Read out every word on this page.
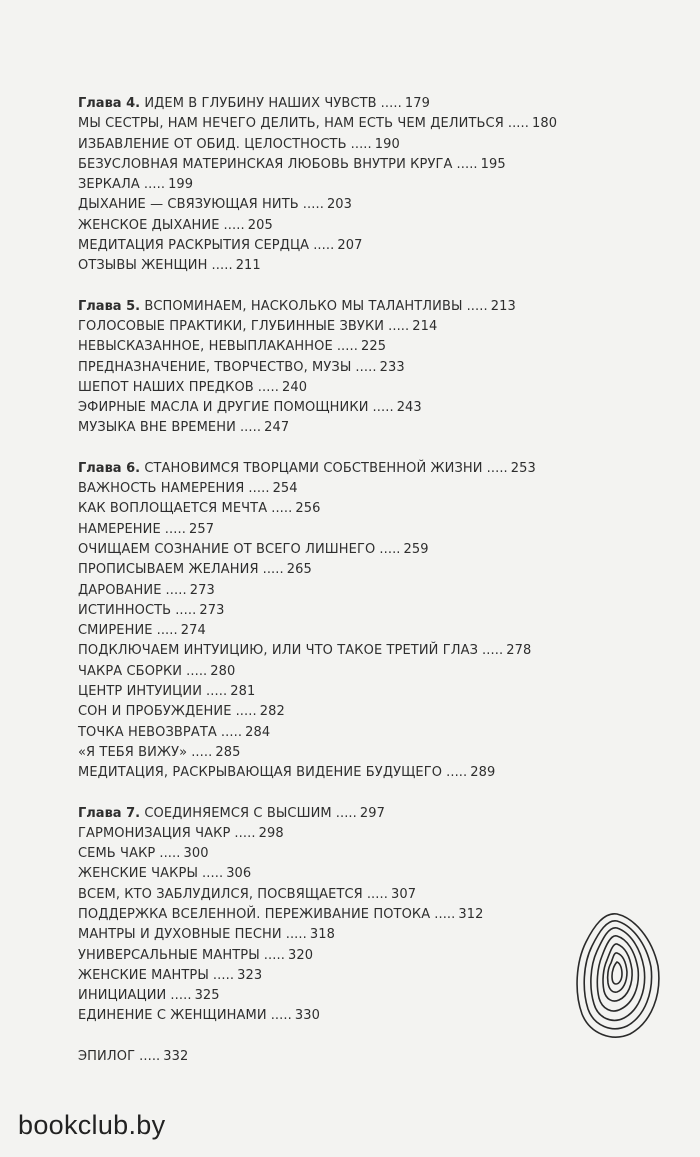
Глава 4. ИДЕМ В ГЛУБИНУ НАШИХ ЧУВСТВ ..... 179
МЫ СЕСТРЫ, НАМ НЕЧЕГО ДЕЛИТЬ, НАМ ЕСТЬ ЧЕМ ДЕЛИТЬСЯ ..... 180
ИЗБАВЛЕНИЕ ОТ ОБИД. ЦЕЛОСТНОСТЬ ..... 190
БЕЗУСЛОВНАЯ МАТЕРИНСКАЯ ЛЮБОВЬ ВНУТРИ КРУГА ..... 195
ЗЕРКАЛА ..... 199
ДЫХАНИЕ — СВЯЗУЮЩАЯ НИТЬ ..... 203
ЖЕНСКОЕ ДЫХАНИЕ ..... 205
МЕДИТАЦИЯ РАСКРЫТИЯ СЕРДЦА ..... 207
ОТЗЫВЫ ЖЕНЩИН ..... 211
Глава 5. ВСПОМИНАЕМ, НАСКОЛЬКО МЫ ТАЛАНТЛИВЫ ..... 213
ГОЛОСОВЫЕ ПРАКТИКИ, ГЛУБИННЫЕ ЗВУКИ ..... 214
НЕВЫСКАЗАННОЕ, НЕВЫПЛАКАННОЕ ..... 225
ПРЕДНАЗНАЧЕНИЕ, ТВОРЧЕСТВО, МУЗЫ ..... 233
ШЕПОТ НАШИХ ПРЕДКОВ ..... 240
ЭФИРНЫЕ МАСЛА И ДРУГИЕ ПОМОЩНИКИ ..... 243
МУЗЫКА ВНЕ ВРЕМЕНИ ..... 247
Глава 6. СТАНОВИМСЯ ТВОРЦАМИ СОБСТВЕННОЙ ЖИЗНИ ..... 253
ВАЖНОСТЬ НАМЕРЕНИЯ ..... 254
КАК ВОПЛОЩАЕТСЯ МЕЧТА ..... 256
НАМЕРЕНИЕ ..... 257
ОЧИЩАЕМ СОЗНАНИЕ ОТ ВСЕГО ЛИШНЕГО ..... 259
ПРОПИСЫВАЕМ ЖЕЛАНИЯ ..... 265
ДАРОВАНИЕ ..... 273
ИСТИННОСТЬ ..... 273
СМИРЕНИЕ ..... 274
ПОДКЛЮЧАЕМ ИНТУИЦИЮ, ИЛИ ЧТО ТАКОЕ ТРЕТИЙ ГЛАЗ ..... 278
ЧАКРА СБОРКИ ..... 280
ЦЕНТР ИНТУИЦИИ ..... 281
СОН И ПРОБУЖДЕНИЕ ..... 282
ТОЧКА НЕВОЗВРАТА ..... 284
«Я ТЕБЯ ВИЖУ» ..... 285
МЕДИТАЦИЯ, РАСКРЫВАЮЩАЯ ВИДЕНИЕ БУДУЩЕГО ..... 289
Глава 7. СОЕДИНЯЕМСЯ С ВЫСШИМ ..... 297
ГАРМОНИЗАЦИЯ ЧАКР ..... 298
СЕМЬ ЧАКР ..... 300
ЖЕНСКИЕ ЧАКРЫ ..... 306
ВСЕМ, КТО ЗАБЛУДИЛСЯ, ПОСВЯЩАЕТСЯ ..... 307
ПОДДЕРЖКА ВСЕЛЕННОЙ. ПЕРЕЖИВАНИЕ ПОТОКА ..... 312
МАНТРЫ И ДУХОВНЫЕ ПЕСНИ ..... 318
УНИВЕРСАЛЬНЫЕ МАНТРЫ ..... 320
ЖЕНСКИЕ МАНТРЫ ..... 323
ИНИЦИАЦИИ ..... 325
ЕДИНЕНИЕ С ЖЕНЩИНАМИ ..... 330
ЭПИЛОГ ..... 332
bookclub.by
